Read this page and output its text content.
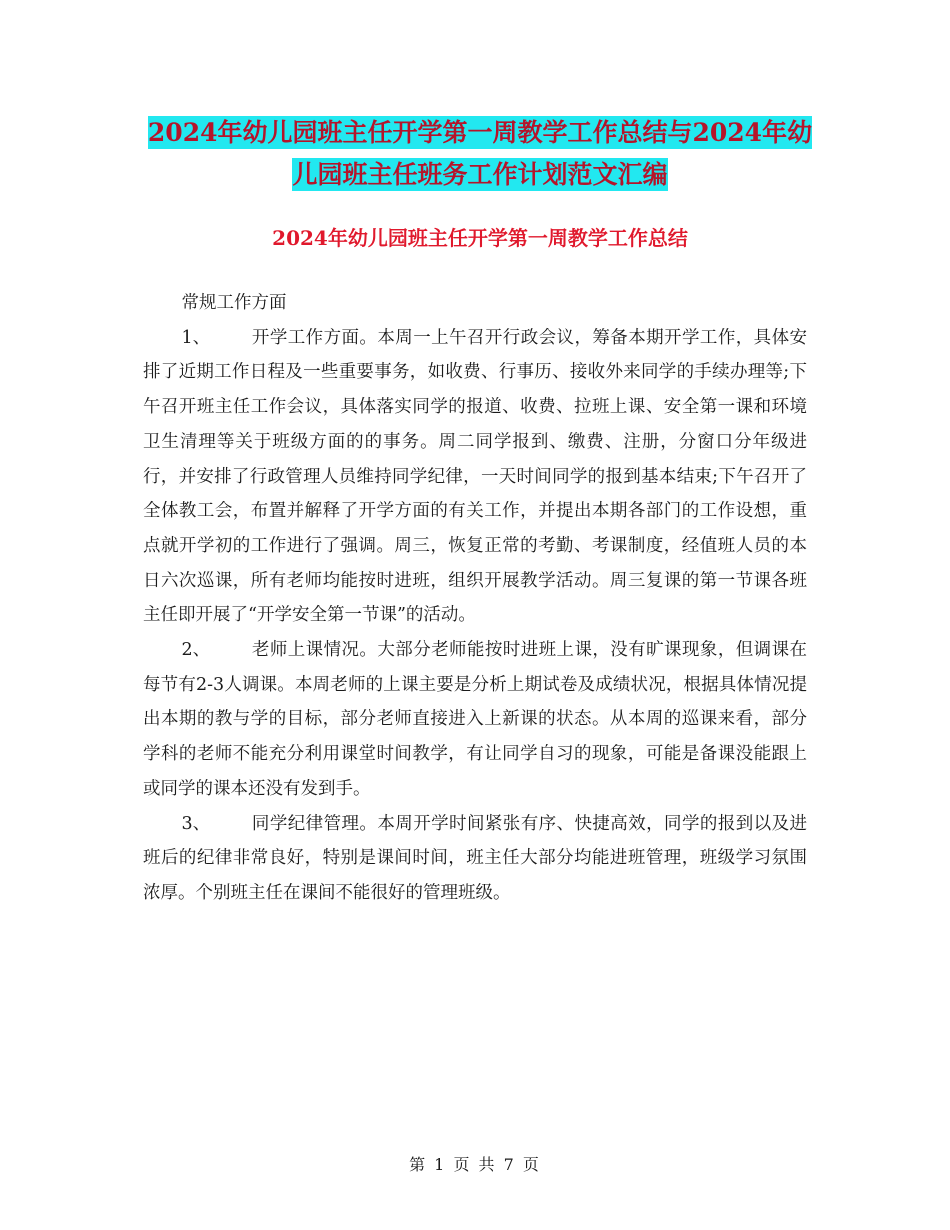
2024年幼儿园班主任开学第一周教学工作总结与2024年幼儿园班主任班务工作计划范文汇编
2024年幼儿园班主任开学第一周教学工作总结

常规工作方面

1、 开学工作方面。本周一上午召开行政会议，筹备本期开学工作，具体安排了近期工作日程及一些重要事务，如收费、行事历、接收外来同学的手续办理等;下午召开班主任工作会议，具体落实同学的报道、收费、拉班上课、安全第一课和环境卫生清理等关于班级方面的的事务。周二同学报到、缴费、注册，分窗口分年级进行，并安排了行政管理人员维持同学纪律，一天时间同学的报到基本结束;下午召开了全体教工会，布置并解释了开学方面的有关工作，并提出本期各部门的工作设想，重点就开学初的工作进行了强调。周三，恢复正常的考勤、考课制度，经值班人员的本日六次巡课，所有老师均能按时进班，组织开展教学活动。周三复课的第一节课各班主任即开展了“开学安全第一节课”的活动。

2、 老师上课情况。大部分老师能按时进班上课，没有旷课现象，但调课在每节有2-3人调课。本周老师的上课主要是分析上期试卷及成绩状况，根据具体情况提出本期的教与学的目标，部分老师直接进入上新课的状态。从本周的巡课来看，部分学科的老师不能充分利用课堂时间教学，有让同学自习的现象，可能是备课没能跟上或同学的课本还没有发到手。

3、 同学纪律管理。本周开学时间紧张有序、快捷高效，同学的报到以及进班后的纪律非常良好，特别是课间时间，班主任大部分均能进班管理，班级学习氛围浓厚。个别班主任在课间不能很好的管理班级。

第 1 页 共 7 页
